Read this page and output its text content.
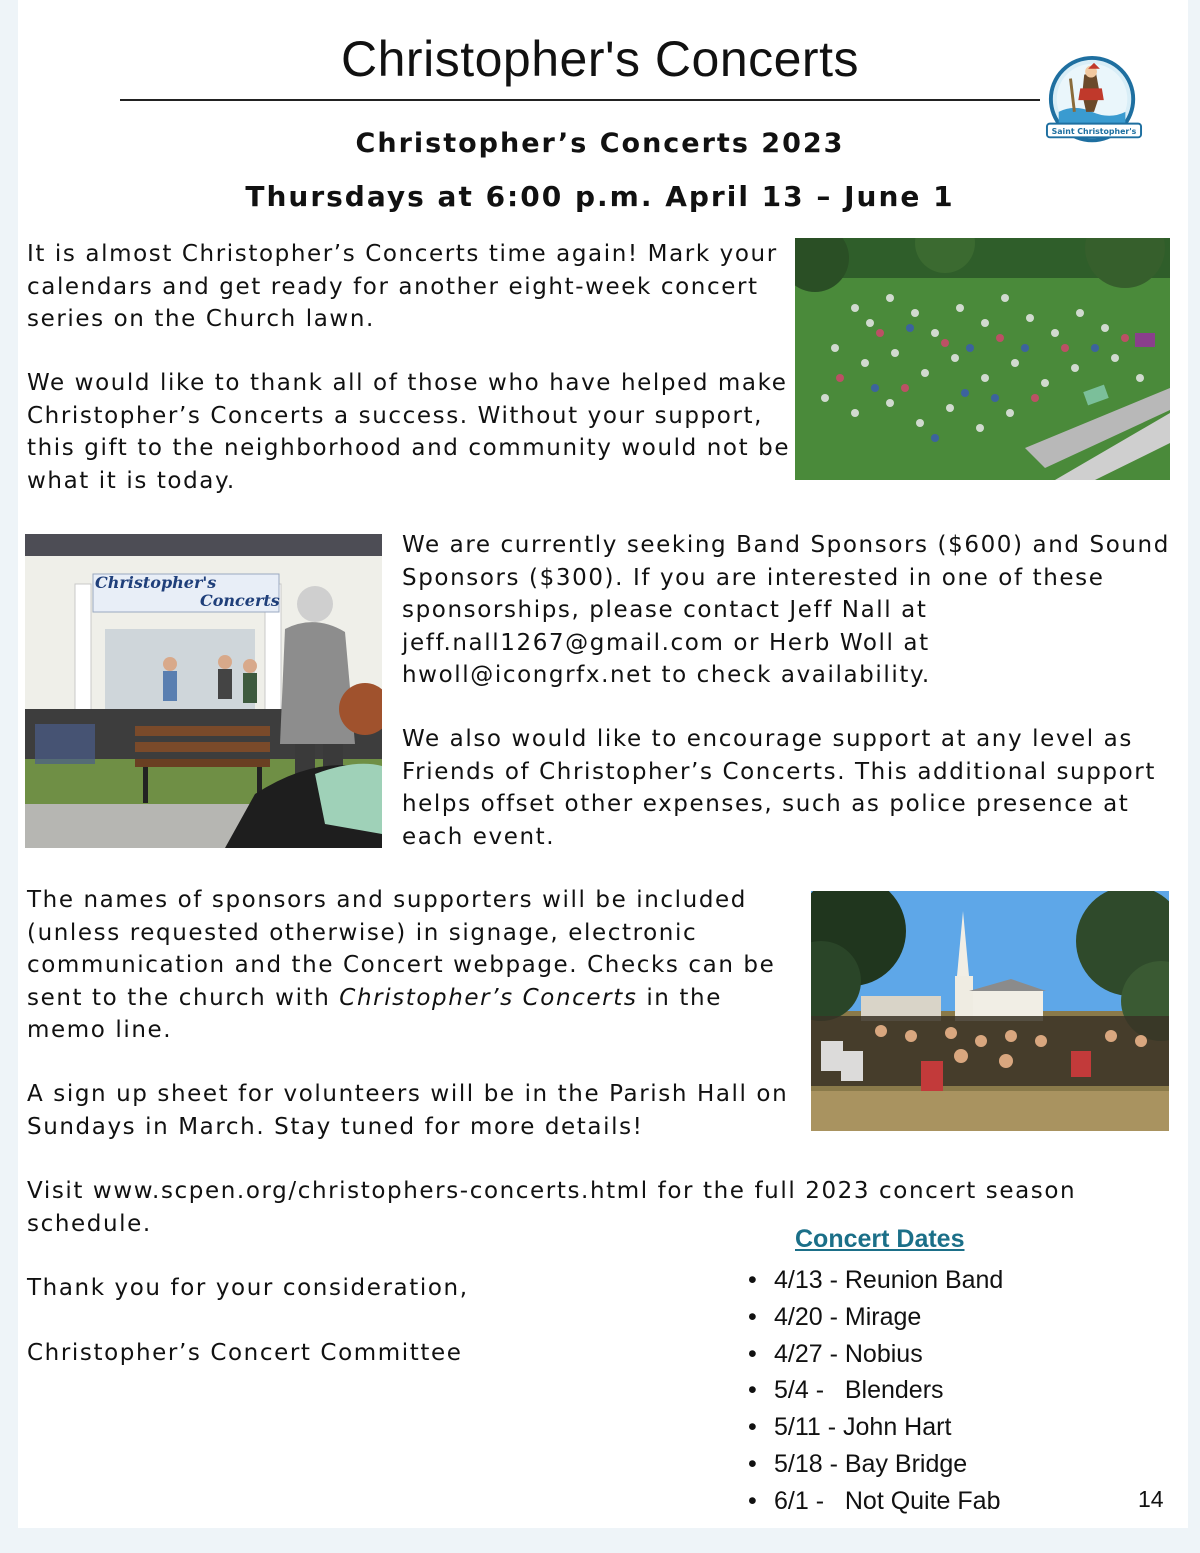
Christopher's Concerts
Saint Christopher's
Christopher’s Concerts 2023
Thursdays at 6:00 p.m. April 13 – June 1

It is almost Christopher’s Concerts time again! Mark your calendars and get ready for another eight-week concert series on the Church lawn.

We would like to thank all of those who have helped make Christopher’s Concerts a success. Without your support, this gift to the neighborhood and community would not be what it is today.

Christopher's
Concerts

We are currently seeking Band Sponsors ($600) and Sound Sponsors ($300). If you are interested in one of these sponsorships, please contact Jeff Nall at jeff.nall1267@gmail.com or Herb Woll at hwoll@icongrfx.net to check availability.

We also would like to encourage support at any level as Friends of Christopher’s Concerts. This additional support helps offset other expenses, such as police presence at each event.

The names of sponsors and supporters will be included (unless requested otherwise) in signage, electronic communication and the Concert webpage. Checks can be sent to the church with Christopher’s Concerts in the memo line.

A sign up sheet for volunteers will be in the Parish Hall on Sundays in March. Stay tuned for more details!

Visit www.scpen.org/christophers-concerts.html for the full 2023 concert season schedule.

Thank you for your consideration,

Christopher’s Concert Committee

Concert Dates
• 4/13 - Reunion Band
• 4/20 - Mirage
• 4/27 - Nobius
• 5/4 -   Blenders
• 5/11 - John Hart
• 5/18 - Bay Bridge
• 6/1 -   Not Quite Fab	14
